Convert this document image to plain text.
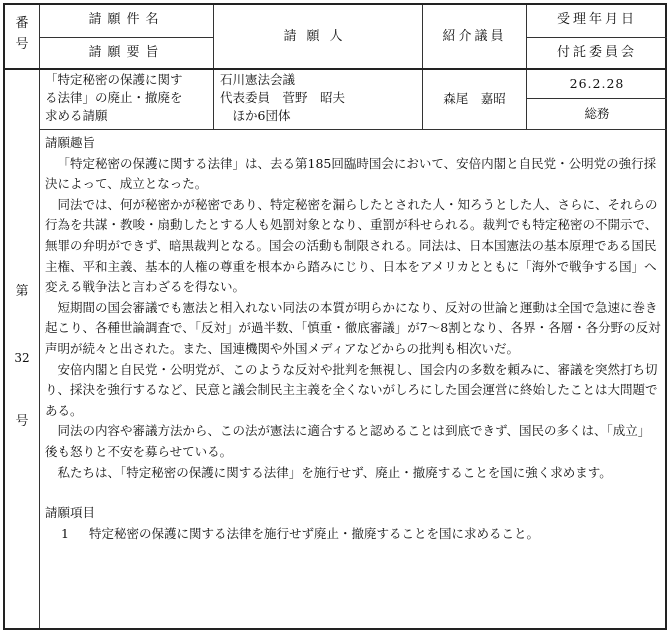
番
号
請願件名
請願要旨
請願人	紹介議員
受理年月日
付託委員会
第
32
号
「特定秘密の保護に関す
る法律」の廃止・撤廃を
求める請願
石川憲法会議
代表委員　菅野　昭夫
　ほか6団体
森尾　嘉昭
26.2.28
総務

請願趣旨

「特定秘密の保護に関する法律」は、去る第185回臨時国会において、安倍内閣と自民党・公明党の強行採決によって、成立となった。

同法では、何が秘密かが秘密であり、特定秘密を漏らしたとされた人・知ろうとした人、さらに、それらの行為を共謀・教唆・扇動したとする人も処罰対象となり、重罰が科せられる。裁判でも特定秘密の不開示で、無罪の弁明ができず、暗黒裁判となる。国会の活動も制限される。同法は、日本国憲法の基本原理である国民主権、平和主義、基本的人権の尊重を根本から踏みにじり、日本をアメリカとともに「海外で戦争する国」へ変える戦争法と言わざるを得ない。

短期間の国会審議でも憲法と相入れない同法の本質が明らかになり、反対の世論と運動は全国で急速に巻き起こり、各種世論調査で、「反対」が過半数、「慎重・徹底審議」が7～8割となり、各界・各層・各分野の反対声明が続々と出された。また、国連機関や外国メディアなどからの批判も相次いだ。

安倍内閣と自民党・公明党が、このような反対や批判を無視し、国会内の多数を頼みに、審議を突然打ち切り、採決を強行するなど、民意と議会制民主主義を全くないがしろにした国会運営に終始したことは大問題である。

同法の内容や審議方法から、この法が憲法に適合すると認めることは到底できず、国民の多くは、「成立」後も怒りと不安を募らせている。

私たちは、「特定秘密の保護に関する法律」を施行せず、廃止・撤廃することを国に強く求めます。

請願項目

1 特定秘密の保護に関する法律を施行せず廃止・撤廃することを国に求めること。
